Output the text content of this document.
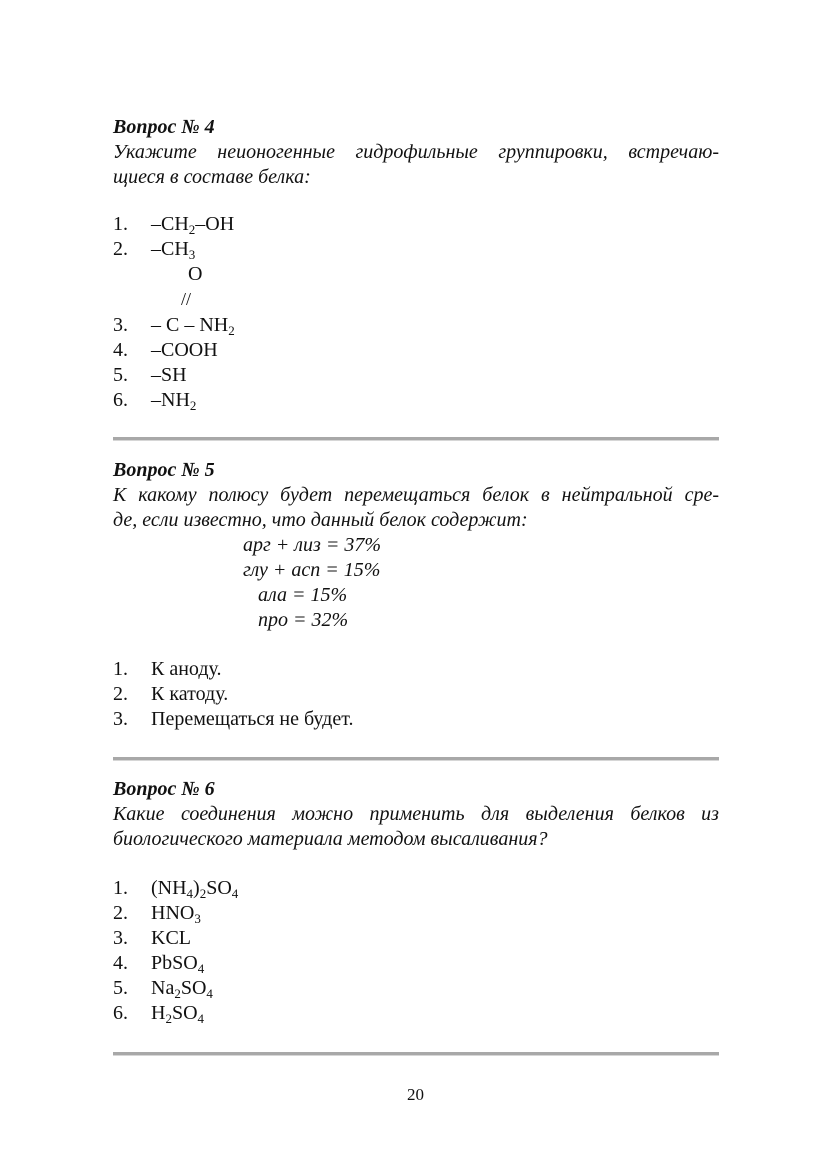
Вопрос № 4
Укажите неионогенные гидрофильные группировки, встречаю-
щиеся в составе белка:
1. $-CH_2-OH$
2. $-CH_3$
O
//
3. – C – $NH_2$
4. –COOH
5. –SH
6. $-NH_2$
Вопрос № 5
К какому полюсу будет перемещаться белок в нейтральной сре-
де, если известно, что данный белок содержит:
арг + лиз = 37%
глу + асп = 15%
ала = 15%
про = 32%
1. К аноду.
2. К катоду.
3. Перемещаться не будет.
Вопрос № 6
Какие соединения можно применить для выделения белков из
биологического материала методом высаливания?
1. $(NH_4)_2SO_4$
2. $HNO_3$
3. KCL
4. PbSO$_4$
5. $Na_2SO_4$
6. $H_2SO_4$
20
